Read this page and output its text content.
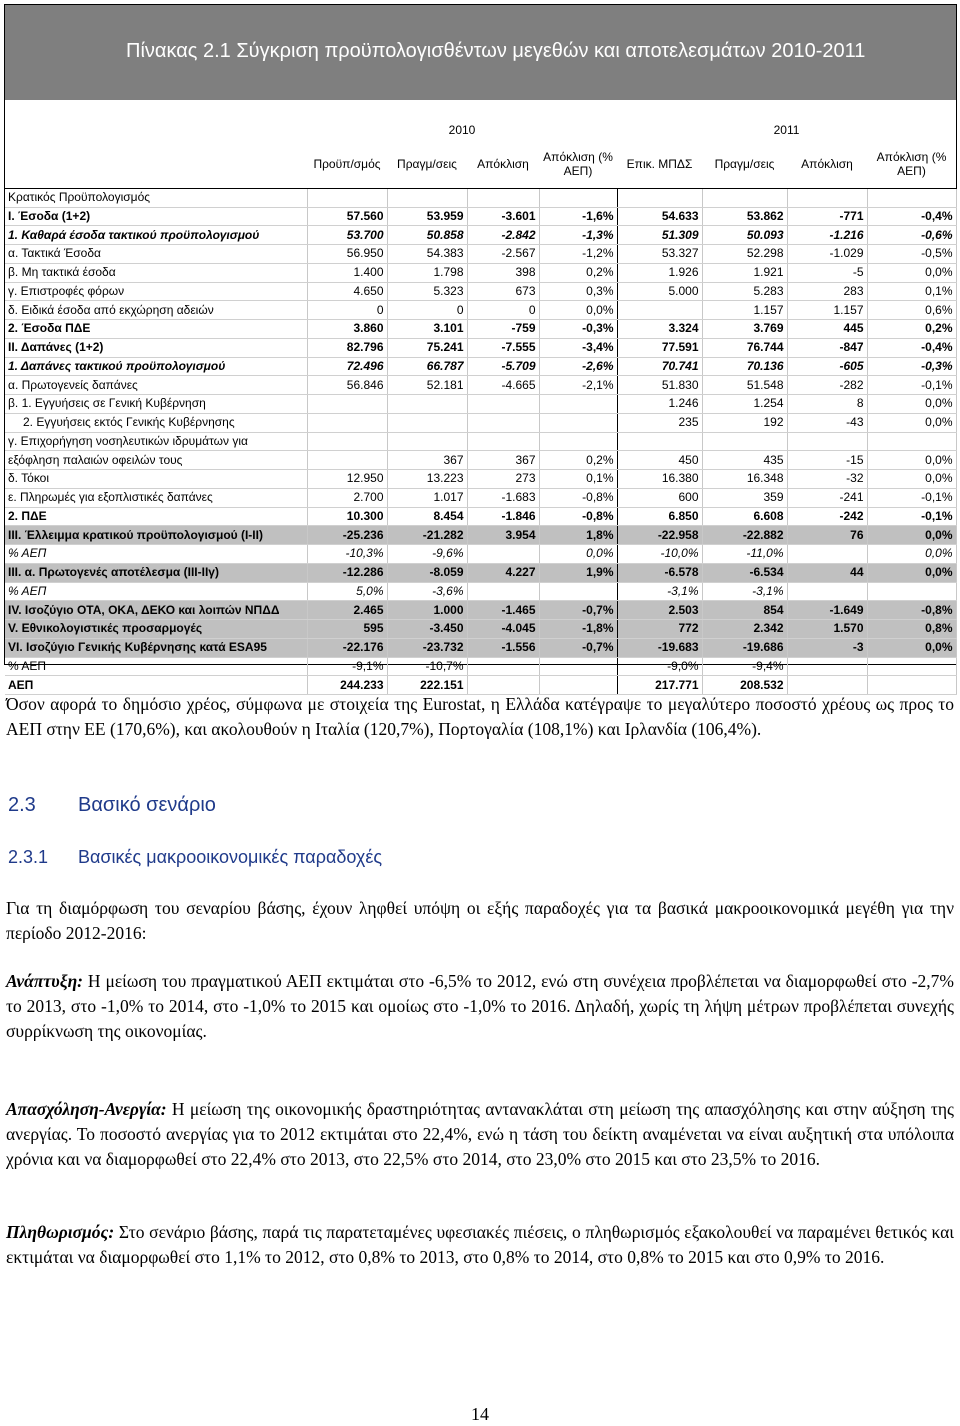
Πίνακας 2.1 Σύγκριση προϋπολογισθέντων μεγεθών και αποτελεσμάτων 2010-2011
	2010				2011			
	Προϋπ/σμός	Πραγμ/σεις	Απόκλιση	Απόκλιση (% ΑΕΠ)	Επικ. ΜΠΔΣ	Πραγμ/σεις	Απόκλιση	Απόκλιση (% ΑΕΠ)
Κρατικός Προϋπολογισμός								
Ι. Έσοδα (1+2)	57.560	53.959	-3.601	-1,6%	54.633	53.862	-771	-0,4%
1. Καθαρά έσοδα τακτικού προϋπολογισμού	53.700	50.858	-2.842	-1,3%	51.309	50.093	-1.216	-0,6%
α. Τακτικά Έσοδα	56.950	54.383	-2.567	-1,2%	53.327	52.298	-1.029	-0,5%
β. Μη τακτικά έσοδα	1.400	1.798	398	0,2%	1.926	1.921	-5	0,0%
γ. Επιστροφές φόρων	4.650	5.323	673	0,3%	5.000	5.283	283	0,1%
δ. Ειδικά έσοδα από εκχώρηση αδειών	0	0	0	0,0%		1.157	1.157	0,6%
2. Έσοδα ΠΔΕ	3.860	3.101	-759	-0,3%	3.324	3.769	445	0,2%
ΙΙ. Δαπάνες (1+2)	82.796	75.241	-7.555	-3,4%	77.591	76.744	-847	-0,4%
1. Δαπάνες τακτικού προϋπολογισμού	72.496	66.787	-5.709	-2,6%	70.741	70.136	-605	-0,3%
α. Πρωτογενείς δαπάνες	56.846	52.181	-4.665	-2,1%	51.830	51.548	-282	-0,1%
β. 1. Εγγυήσεις σε Γενική Κυβέρνηση					1.246	1.254	8	0,0%
2. Εγγυήσεις εκτός Γενικής Κυβέρνησης					235	192	-43	0,0%
γ. Επιχορήγηση νοσηλευτικών ιδρυμάτων για								
εξόφληση παλαιών οφειλών τους		367	367	0,2%	450	435	-15	0,0%
δ. Τόκοι	12.950	13.223	273	0,1%	16.380	16.348	-32	0,0%
ε. Πληρωμές για εξοπλιστικές δαπάνες	2.700	1.017	-1.683	-0,8%	600	359	-241	-0,1%
2. ΠΔΕ	10.300	8.454	-1.846	-0,8%	6.850	6.608	-242	-0,1%
ΙΙΙ. Έλλειμμα κρατικού προϋπολογισμού (Ι-ΙΙ)	-25.236	-21.282	3.954	1,8%	-22.958	-22.882	76	0,0%
% ΑΕΠ	-10,3%	-9,6%		0,0%	-10,0%	-11,0%		0,0%
ΙΙΙ. α. Πρωτογενές αποτέλεσμα (ΙΙΙ-ΙΙγ)	-12.286	-8.059	4.227	1,9%	-6.578	-6.534	44	0,0%
% ΑΕΠ	5,0%	-3,6%			-3,1%	-3,1%		
ΙV. Ισοζύγιο ΟΤΑ, ΟΚΑ, ΔΕΚΟ και λοιπών ΝΠΔΔ	2.465	1.000	-1.465	-0,7%	2.503	854	-1.649	-0,8%
V. Εθνικολογιστικές προσαρμογές	595	-3.450	-4.045	-1,8%	772	2.342	1.570	0,8%
VΙ. Ισοζύγιο Γενικής Κυβέρνησης κατά ESA95	-22.176	-23.732	-1.556	-0,7%	-19.683	-19.686	-3	0,0%
% ΑΕΠ	-9,1%	-10,7%			-9,0%	-9,4%		
ΑΕΠ	244.233	222.151			217.771	208.532		

Όσον αφορά το δημόσιο χρέος, σύμφωνα με στοιχεία της Eurostat, η Ελλάδα κατέγραψε το μεγαλύτερο ποσοστό χρέους ως προς το ΑΕΠ στην ΕΕ (170,6%), και ακολουθούν η Ιταλία (120,7%), Πορτογαλία (108,1%) και Ιρλανδία (106,4%).

2.3 Βασικό σενάριο
2.3.1 Βασικές μακροοικονομικές παραδοχές

Για τη διαμόρφωση του σεναρίου βάσης, έχουν ληφθεί υπόψη οι εξής παραδοχές για τα βασικά μακροοικονομικά μεγέθη για την περίοδο 2012-2016:

Ανάπτυξη: Η μείωση του πραγματικού ΑΕΠ εκτιμάται στο -6,5% το 2012, ενώ στη συνέχεια προβλέπεται να διαμορφωθεί στο -2,7% το 2013, στο -1,0% το 2014, στο -1,0% το 2015 και ομοίως στο -1,0% το 2016. Δηλαδή, χωρίς τη λήψη μέτρων προβλέπεται συνεχής συρρίκνωση της οικονομίας.

Απασχόληση-Ανεργία: Η μείωση της οικονομικής δραστηριότητας αντανακλάται στη μείωση της απασχόλησης και στην αύξηση της ανεργίας. Το ποσοστό ανεργίας για το 2012 εκτιμάται στο 22,4%, ενώ η τάση του δείκτη αναμένεται να είναι αυξητική στα υπόλοιπα χρόνια και να διαμορφωθεί στο 22,4% στο 2013, στο 22,5% στο 2014, στο 23,0% στο 2015 και στο 23,5% το 2016.

Πληθωρισμός: Στο σενάριο βάσης, παρά τις παρατεταμένες υφεσιακές πιέσεις, ο πληθωρισμός εξακολουθεί να παραμένει θετικός και εκτιμάται να διαμορφωθεί στο 1,1% το 2012, στο 0,8% το 2013, στο 0,8% το 2014, στο 0,8% το 2015 και στο 0,9% το 2016.

14
